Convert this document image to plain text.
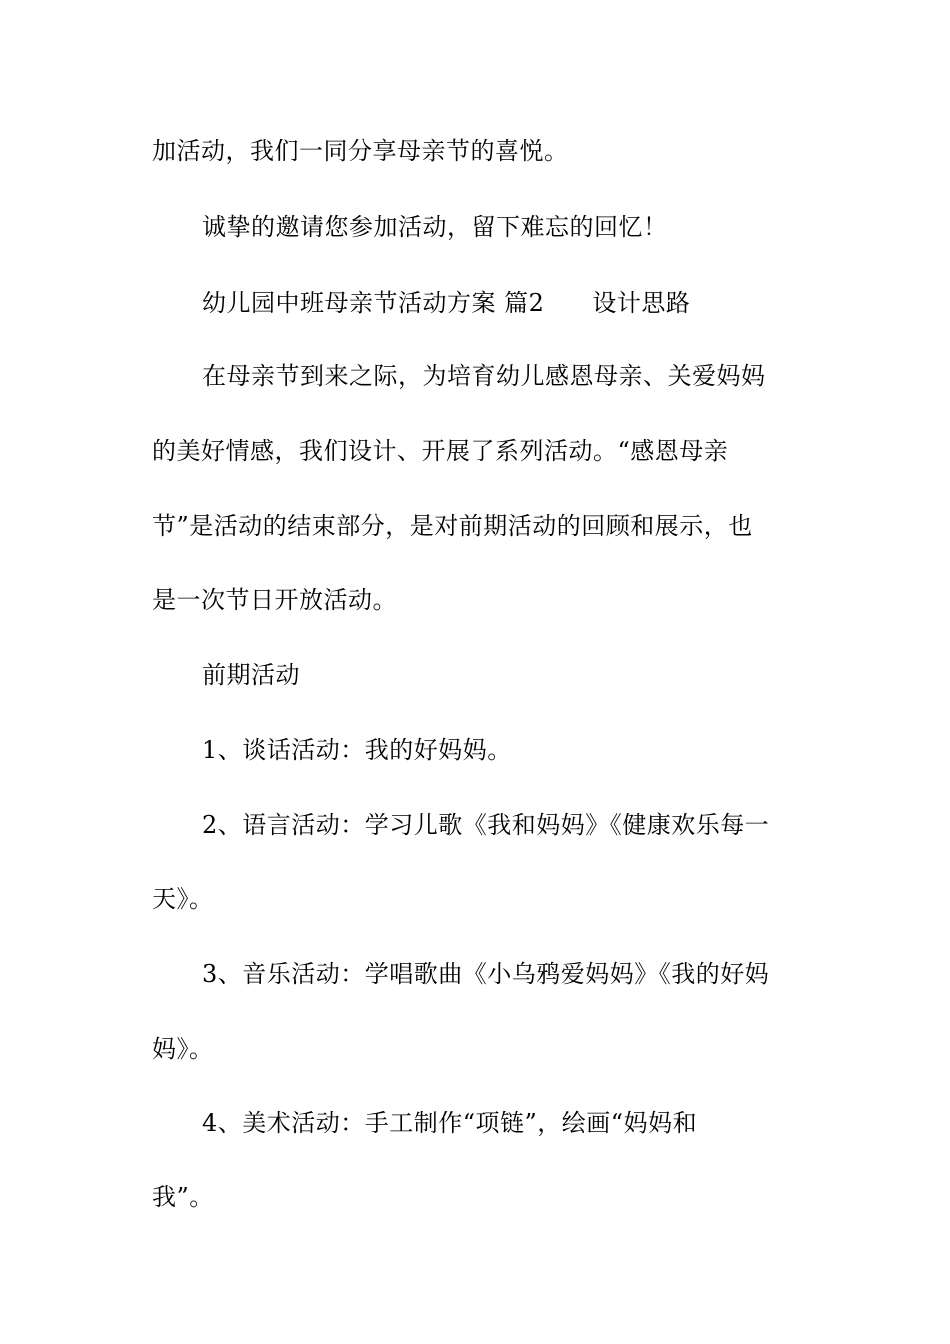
加活动，我们一同分享母亲节的喜悦。
诚挚的邀请您参加活动，留下难忘的回忆！
幼儿园中班母亲节活动方案 篇2 设计思路
在母亲节到来之际，为培育幼儿感恩母亲、关爱妈妈
的美好情感，我们设计、开展了系列活动。“感恩母亲
节”是活动的结束部分，是对前期活动的回顾和展示，也
是一次节日开放活动。
前期活动
1、谈话活动：我的好妈妈。
2、语言活动：学习儿歌《我和妈妈》《健康欢乐每一
天》。
3、音乐活动：学唱歌曲《小乌鸦爱妈妈》《我的好妈
妈》。
4、美术活动：手工制作“项链”，绘画“妈妈和
我”。
